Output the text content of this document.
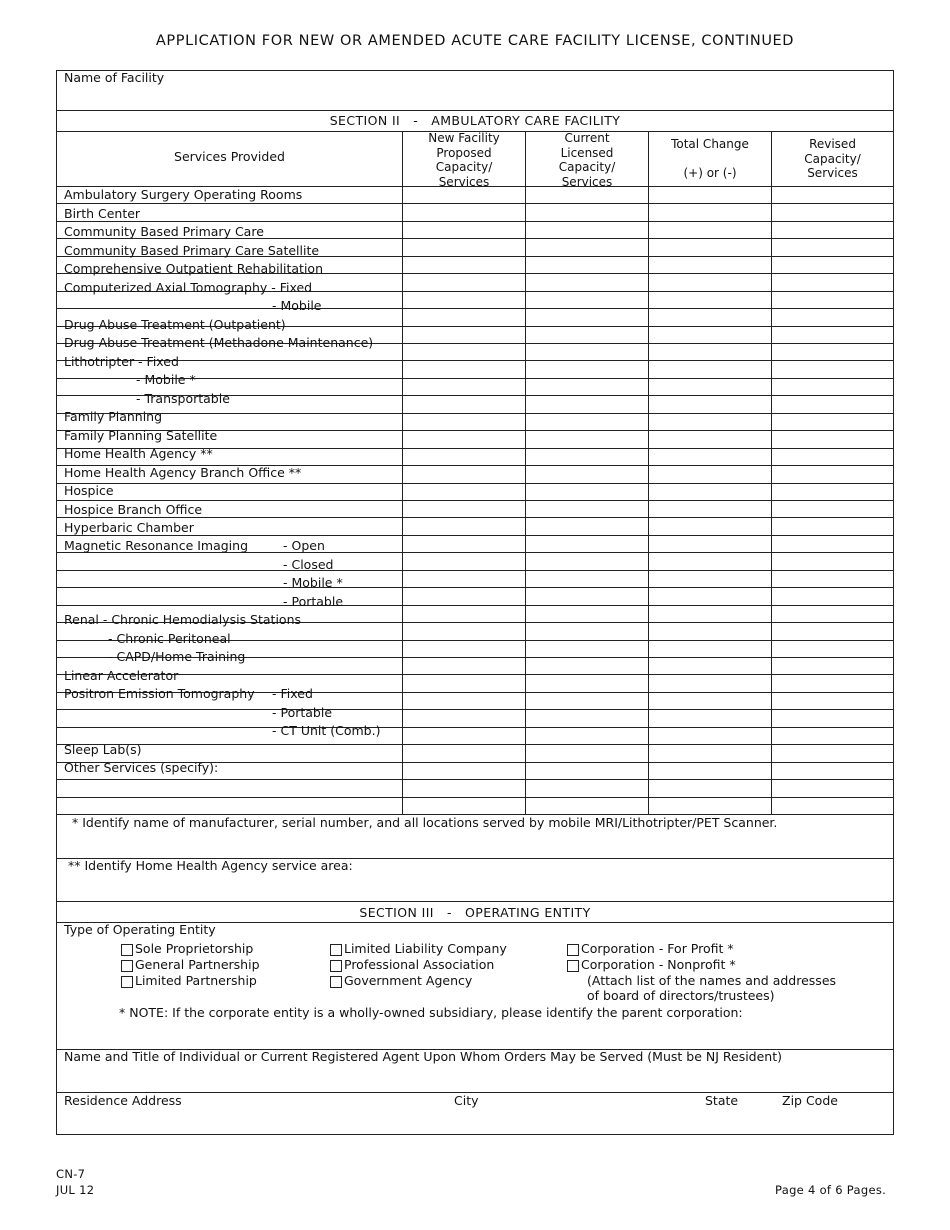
APPLICATION FOR NEW OR AMENDED ACUTE CARE FACILITY LICENSE, CONTINUED
Name of Facility
SECTION II   -   AMBULATORY CARE FACILITY
Services Provided
New Facility
Proposed
Capacity/
Services
Current
Licensed
Capacity/
Services
Total Change
(+) or (-)
Revised
Capacity/
Services
Ambulatory Surgery Operating Rooms
Birth Center
Community Based Primary Care
Community Based Primary Care Satellite
Comprehensive Outpatient Rehabilitation
Computerized Axial Tomography - Fixed
- Mobile
Drug Abuse Treatment (Outpatient)
Drug Abuse Treatment (Methadone Maintenance)
Lithotripter - Fixed
- Mobile *
- Transportable
Family Planning
Family Planning Satellite
Home Health Agency **
Home Health Agency Branch Office **
Hospice
Hospice Branch Office
Hyperbaric Chamber
Magnetic Resonance Imaging	- Open
- Closed
- Mobile *
- Portable
Renal - Chronic Hemodialysis Stations
- Chronic Peritoneal
- CAPD/Home Training
Linear Accelerator
Positron Emission Tomography - Fixed
- Portable
- CT Unit (Comb.)
Sleep Lab(s)
Other Services (specify):
* Identify name of manufacturer, serial number, and all locations served by mobile MRI/Lithotripter/PET Scanner.
** Identify Home Health Agency service area:
SECTION III   -   OPERATING ENTITY
Type of Operating Entity
Sole Proprietorship
General Partnership
Limited Partnership
Limited Liability Company
Professional Association
Government Agency
Corporation - For Profit *
Corporation - Nonprofit *
(Attach list of the names and addresses
of board of directors/trustees)
* NOTE: If the corporate entity is a wholly-owned subsidiary, please identify the parent corporation:
Name and Title of Individual or Current Registered Agent Upon Whom Orders May be Served (Must be NJ Resident)
Residence Address	City	State	Zip Code
CN-7
JUL 12	Page 4 of 6 Pages.
